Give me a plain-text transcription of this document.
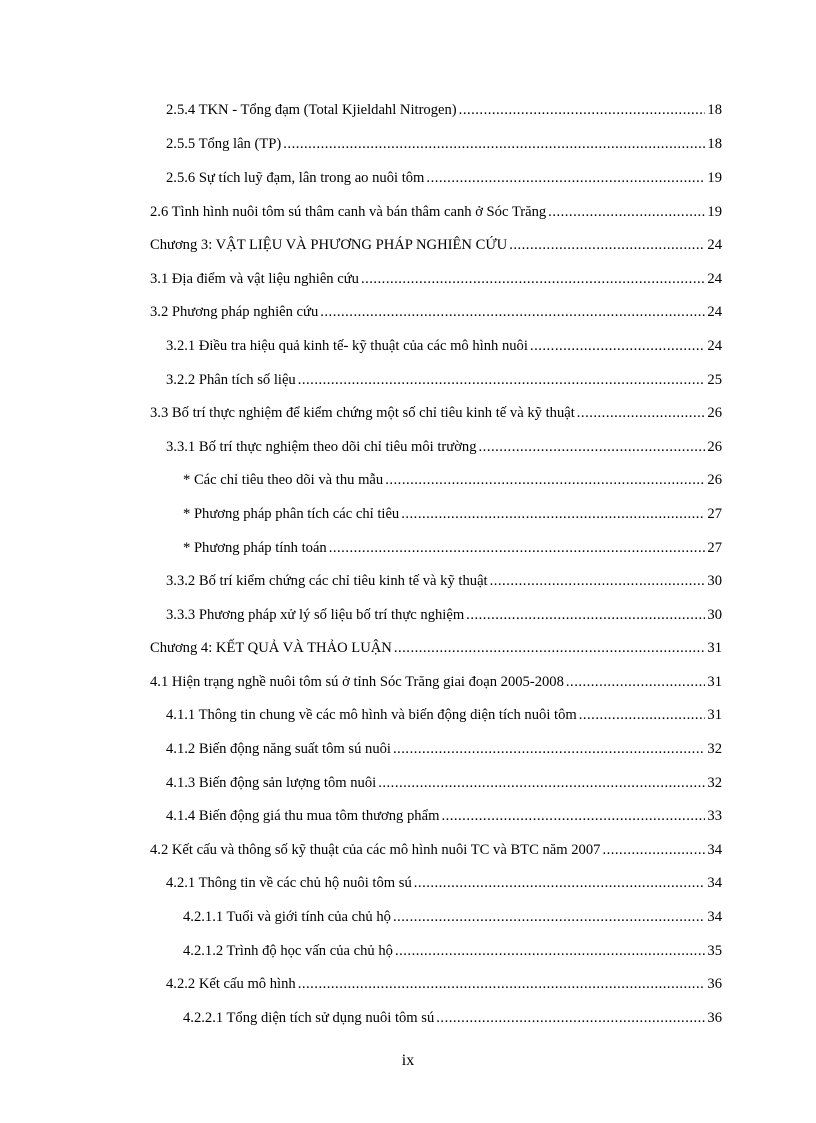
2.5.4 TKN - Tổng đạm (Total Kjieldahl Nitrogen) .....	18
2.5.5 Tổng lân (TP) .....	18
2.5.6 Sự tích luỹ đạm, lân trong ao nuôi tôm .....	19
2.6 Tình hình nuôi tôm sú thâm canh và bán thâm canh ở Sóc Trăng .....	19
Chương 3: VẬT LIỆU VÀ PHƯƠNG PHÁP NGHIÊN CỨU .....	24
3.1 Địa điểm và vật liệu nghiên cứu .....	24
3.2 Phương pháp nghiên cứu .....	24
3.2.1 Điều tra hiệu quả kinh tế- kỹ thuật của các mô hình nuôi .....	24
3.2.2 Phân tích số liệu .....	25
3.3 Bố trí thực nghiệm để kiểm chứng một số chỉ tiêu kinh tế và kỹ thuật .....	26
3.3.1 Bố trí thực nghiệm theo dõi chỉ tiêu môi trường .....	26
* Các chỉ tiêu theo dõi và thu mẫu .....	26
* Phương pháp phân tích các chỉ tiêu .....	27
* Phương pháp tính toán .....	27
3.3.2 Bố trí kiểm chứng các chỉ tiêu kinh tế và kỹ thuật .....	30
3.3.3 Phương pháp xử lý số liệu bố trí thực nghiệm .....	30
Chương 4: KẾT QUẢ VÀ THẢO LUẬN .....	31
4.1 Hiện trạng nghề nuôi tôm sú ở tỉnh Sóc Trăng giai đoạn 2005-2008 .....	31
4.1.1 Thông tin chung về các mô hình và biến động diện tích nuôi tôm .....	31
4.1.2 Biến động năng suất tôm sú nuôi .....	32
4.1.3 Biến động sản lượng tôm nuôi .....	32
4.1.4 Biến động giá thu mua tôm thương phẩm .....	33
4.2 Kết cấu và thông số kỹ thuật của các mô hình nuôi TC và BTC năm 2007 .....	34
4.2.1 Thông tin về các chủ hộ nuôi tôm sú .....	34
4.2.1.1 Tuổi và giới tính của chủ hộ .....	34
4.2.1.2 Trình độ học vấn của chủ hộ .....	35
4.2.2 Kết cấu mô hình .....	36
4.2.2.1 Tổng diện tích sử dụng nuôi tôm sú .....	36
ix
